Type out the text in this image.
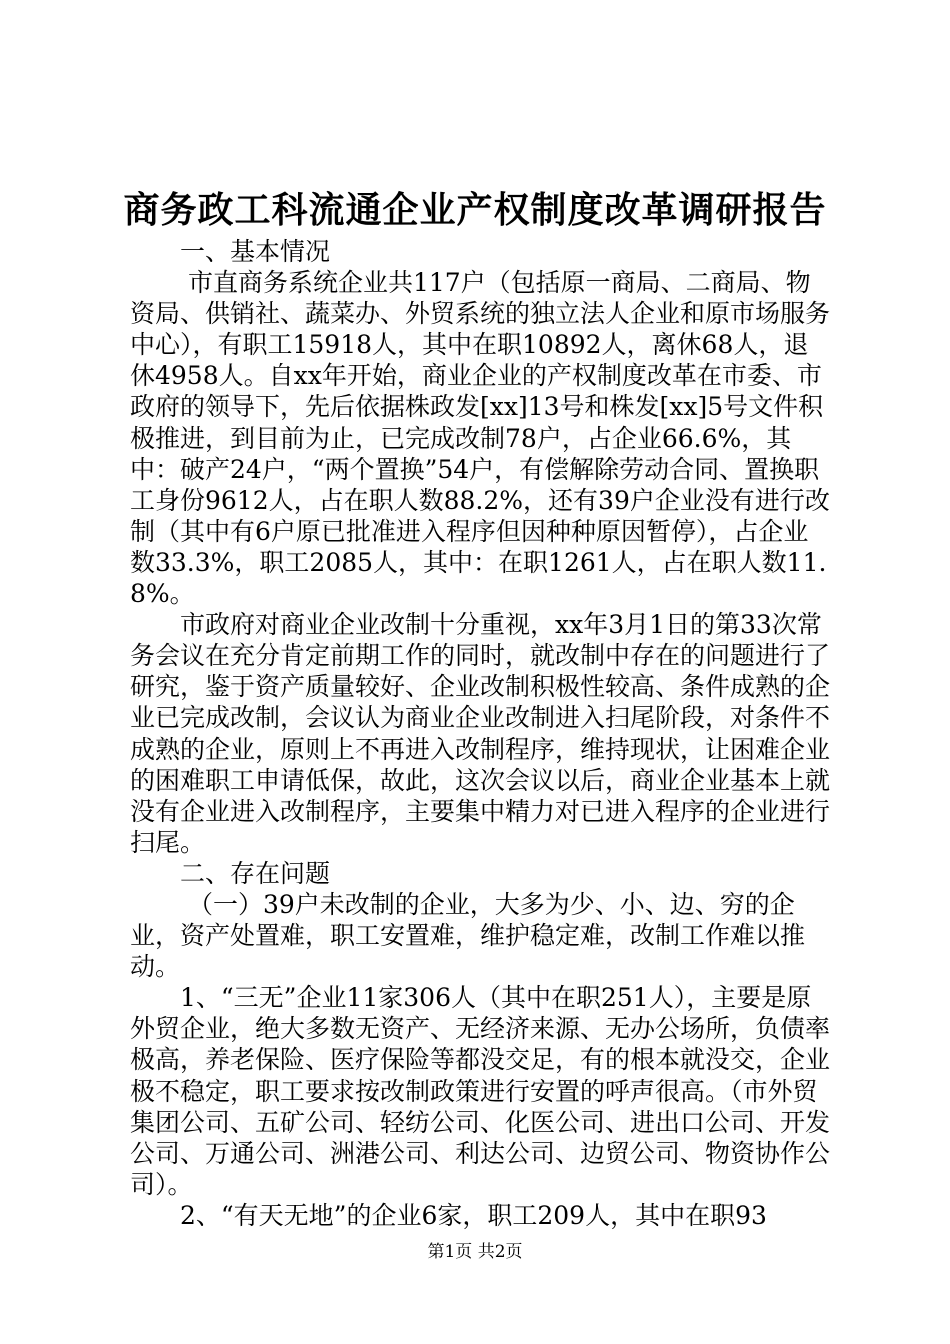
商务政工科流通企业产权制度改革调研报告

一、基本情况

市直商务系统企业共117户（包括原一商局、二商局、物资局、供销社、蔬菜办、外贸系统的独立法人企业和原市场服务中心），有职工15918人，其中在职10892人，离休68人，退休4958人。自xx年开始，商业企业的产权制度改革在市委、市政府的领导下，先后依据株政发[xx]13号和株发[xx]5号文件积极推进，到目前为止，已完成改制78户，占企业66.6%，其中：破产24户，“两个置换”54户，有偿解除劳动合同、置换职工身份9612人，占在职人数88.2%，还有39户企业没有进行改制（其中有6户原已批准进入程序但因种种原因暂停），占企业数33.3%，职工2085人，其中：在职1261人，占在职人数11.8%。

市政府对商业企业改制十分重视，xx年3月1日的第33次常务会议在充分肯定前期工作的同时，就改制中存在的问题进行了研究，鉴于资产质量较好、企业改制积极性较高、条件成熟的企业已完成改制，会议认为商业企业改制进入扫尾阶段，对条件不成熟的企业，原则上不再进入改制程序，维持现状，让困难企业的困难职工申请低保，故此，这次会议以后，商业企业基本上就没有企业进入改制程序，主要集中精力对已进入程序的企业进行扫尾。

二、存在问题

（一）39户未改制的企业，大多为少、小、边、穷的企业，资产处置难，职工安置难，维护稳定难，改制工作难以推动。

1、“三无”企业11家306人（其中在职251人），主要是原外贸企业，绝大多数无资产、无经济来源、无办公场所，负债率极高，养老保险、医疗保险等都没交足，有的根本就没交，企业极不稳定，职工要求按改制政策进行安置的呼声很高。（市外贸集团公司、五矿公司、轻纺公司、化医公司、进出口公司、开发公司、万通公司、洲港公司、利达公司、边贸公司、物资协作公司）。

2、“有天无地”的企业6家，职工209人，其中在职93

第1页 共2页
